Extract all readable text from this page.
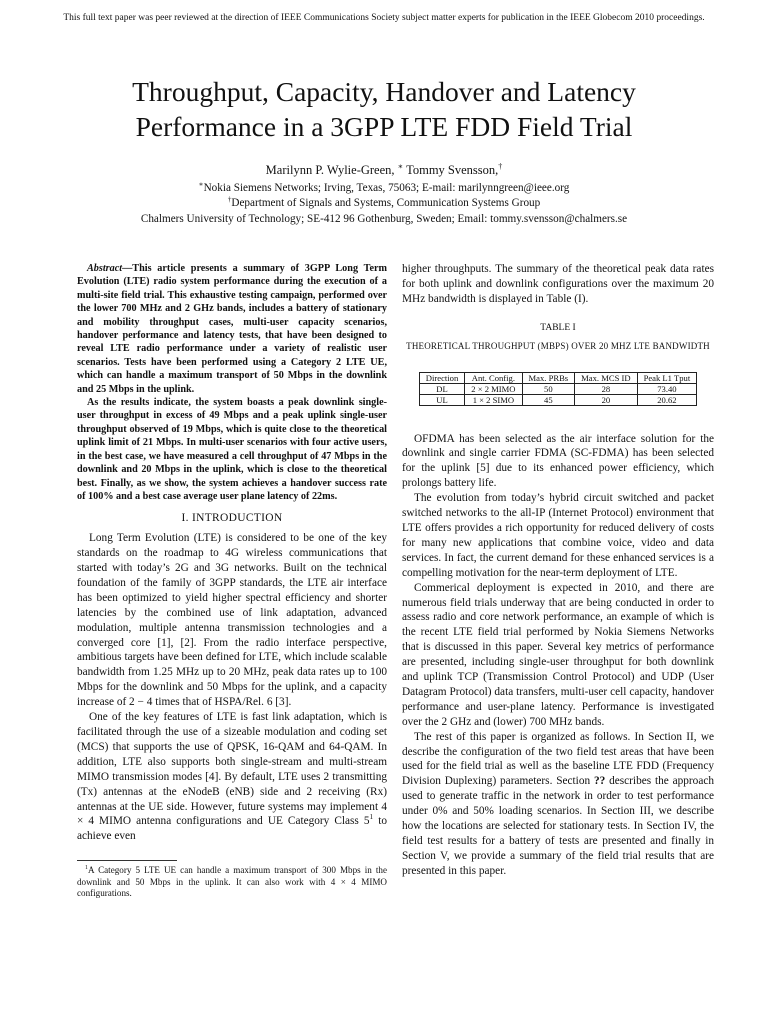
This full text paper was peer reviewed at the direction of IEEE Communications Society subject matter experts for publication in the IEEE Globecom 2010 proceedings.
Throughput, Capacity, Handover and Latency
Performance in a 3GPP LTE FDD Field Trial
Marilynn P. Wylie-Green, ∗ Tommy Svensson,†
∗Nokia Siemens Networks; Irving, Texas, 75063; E-mail: marilynngreen@ieee.org
†Department of Signals and Systems, Communication Systems Group
Chalmers University of Technology; SE-412 96 Gothenburg, Sweden; Email: tommy.svensson@chalmers.se

Abstract—This article presents a summary of 3GPP Long Term Evolution (LTE) radio system performance during the execution of a multi-site field trial. This exhaustive testing campaign, performed over the lower 700 MHz and 2 GHz bands, includes a battery of stationary and mobility throughput cases, multi-user capacity scenarios, handover performance and latency tests, that have been designed to reveal LTE radio performance under a variety of realistic user scenarios. Tests have been performed using a Category 2 LTE UE, which can handle a maximum transport of 50 Mbps in the downlink and 25 Mbps in the uplink.

As the results indicate, the system boasts a peak downlink single-user throughput in excess of 49 Mbps and a peak uplink single-user throughput observed of 19 Mbps, which is quite close to the theoretical uplink limit of 21 Mbps. In multi-user scenarios with four active users, in the best case, we have measured a cell throughput of 47 Mbps in the downlink and 20 Mbps in the uplink, which is close to the theoretical best. Finally, as we show, the system achieves a handover success rate of 100% and a best case average user plane latency of 22ms.

I. INTRODUCTION

Long Term Evolution (LTE) is considered to be one of the key standards on the roadmap to 4G wireless communications that started with today’s 2G and 3G networks. Built on the technical foundation of the family of 3GPP standards, the LTE air interface has been optimized to yield higher spectral efficiency and shorter latencies by the combined use of link adaptation, advanced modulation, multiple antenna transmission technologies and a converged core [1], [2]. From the radio interface perspective, ambitious targets have been defined for LTE, which include scalable bandwidth from 1.25 MHz up to 20 MHz, peak data rates up to 100 Mbps for the downlink and 50 Mbps for the uplink, and a capacity increase of 2 − 4 times that of HSPA/Rel. 6 [3].

One of the key features of LTE is fast link adaptation, which is facilitated through the use of a sizeable modulation and coding set (MCS) that supports the use of QPSK, 16-QAM and 64-QAM. In addition, LTE also supports both single-stream and multi-stream MIMO transmission modes [4]. By default, LTE uses 2 transmitting (Tx) antennas at the eNodeB (eNB) side and 2 receiving (Rx) antennas at the UE side. However, future systems may implement 4 × 4 MIMO antenna configurations and UE Category Class $5^1$ to achieve even

$^1$A Category 5 LTE UE can handle a maximum transport of 300 Mbps in the downlink and 50 Mbps in the uplink. It can also work with 4 × 4 MIMO configurations.

higher throughputs. The summary of the theoretical peak data rates for both uplink and downlink configurations over the maximum 20 MHz bandwidth is displayed in Table (I).

TABLE I
THEORETICAL THROUGHPUT (MBPS) OVER 20 MHZ LTE BANDWIDTH
Direction	Ant. Config.	Max. PRBs	Max. MCS ID	Peak L1 Tput
DL	2 × 2 MIMO	50	28	73.40
UL	1 × 2 SIMO	45	20	20.62

OFDMA has been selected as the air interface solution for the downlink and single carrier FDMA (SC-FDMA) has been selected for the uplink [5] due to its enhanced power efficiency, which prolongs battery life.

The evolution from today’s hybrid circuit switched and packet switched networks to the all-IP (Internet Protocol) environment that LTE offers provides a rich opportunity for reduced delivery of costs for many new applications that combine voice, video and data services. In fact, the current demand for these enhanced services is a compelling motivation for the near-term deployment of LTE.

Commerical deployment is expected in 2010, and there are numerous field trials underway that are being conducted in order to assess radio and core network performance, an example of which is the recent LTE field trial performed by Nokia Siemens Networks that is discussed in this paper. Several key metrics of performance are presented, including single-user throughput for both downlink and uplink TCP (Transmission Control Protocol) and UDP (User Datagram Protocol) data transfers, multi-user cell capacity, handover performance and user-plane latency. Performance is investigated over the 2 GHz and (lower) 700 MHz bands.

The rest of this paper is organized as follows. In Section II, we describe the configuration of the two field test areas that have been used for the field trial as well as the baseline LTE FDD (Frequency Division Duplexing) parameters. Section ?? describes the approach used to generate traffic in the network in order to test performance under 0% and 50% loading scenarios. In Section III, we describe how the locations are selected for stationary tests. In Section IV, the field test results for a battery of tests are presented and finally in Section V, we provide a summary of the field trial results that are presented in this paper.
